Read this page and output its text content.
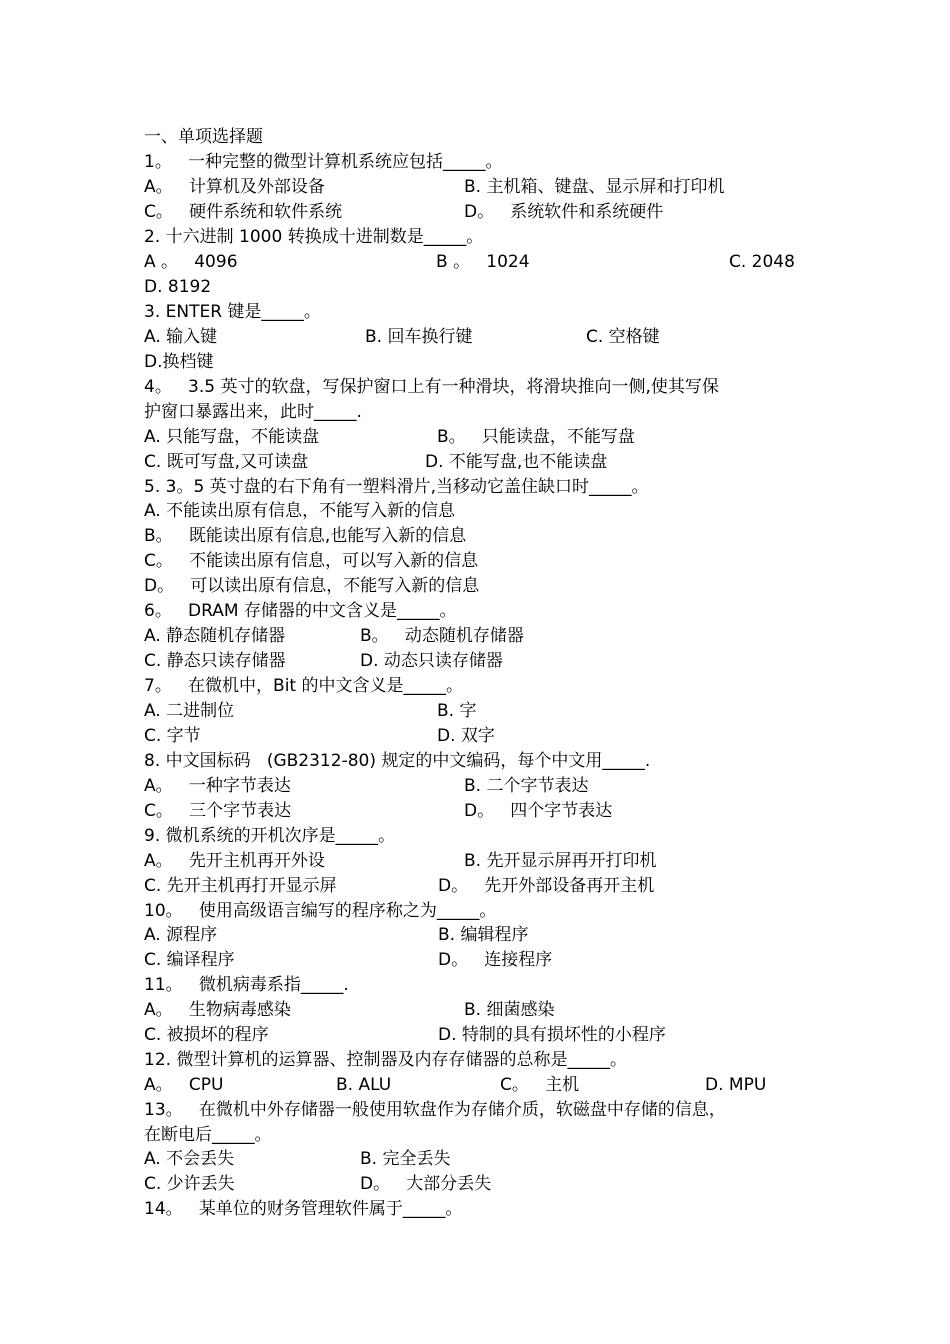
一、单项选择题
1。   一种完整的微型计算机系统应包括_____。

A。   计算机及外部设备

	B. 主机箱、键盘、显示屏和打印机

C。   硬件系统和软件系统

	D。   系统软件和系统硬件

2. 十六进制 1000 转换成十进制数是_____。

A 。   4096

	B 。   1024

	C. 2048

D. 8192
3. ENTER 键是_____。

A. 输入键

	B. 回车换行键

	C. 空格键

D.换档键
4。   3.5 英寸的软盘，写保护窗口上有一种滑块，将滑块推向一侧,使其写保
护窗口暴露出来，此时_____.

A. 只能写盘，不能读盘

	B。   只能读盘，不能写盘

C. 既可写盘,又可读盘

	D. 不能写盘,也不能读盘

5. 3。5 英寸盘的右下角有一塑料滑片,当移动它盖住缺口时_____。
A. 不能读出原有信息，不能写入新的信息
B。   既能读出原有信息,也能写入新的信息
C。   不能读出原有信息，可以写入新的信息
D。   可以读出原有信息，不能写入新的信息
6。   DRAM 存储器的中文含义是_____。

A. 静态随机存储器

	B。   动态随机存储器

C. 静态只读存储器

	D. 动态只读存储器

7。   在微机中，Bit 的中文含义是_____。

A. 二进制位

	B. 字

C. 字节

	D. 双字

8. 中文国标码   (GB2312-80) 规定的中文编码，每个中文用_____.

A。   一种字节表达

	B. 二个字节表达

C。   三个字节表达

	D。   四个字节表达

9. 微机系统的开机次序是_____。

A。   先开主机再开外设

	B. 先开显示屏再开打印机

C. 先开主机再打开显示屏

	D。   先开外部设备再开主机

10。   使用高级语言编写的程序称之为_____。

A. 源程序

	B. 编辑程序

C. 编译程序

	D。   连接程序

11。   微机病毒系指_____.

A。   生物病毒感染

	B. 细菌感染

C. 被损坏的程序

	D. 特制的具有损坏性的小程序

12. 微型计算机的运算器、控制器及内存存储器的总称是_____。

A。   CPU

	B. ALU

	C。   主机

	D. MPU

13。   在微机中外存储器一般使用软盘作为存储介质，软磁盘中存储的信息，
在断电后_____。

A. 不会丢失

	B. 完全丢失

C. 少许丢失

	D。   大部分丢失

14。   某单位的财务管理软件属于_____。
